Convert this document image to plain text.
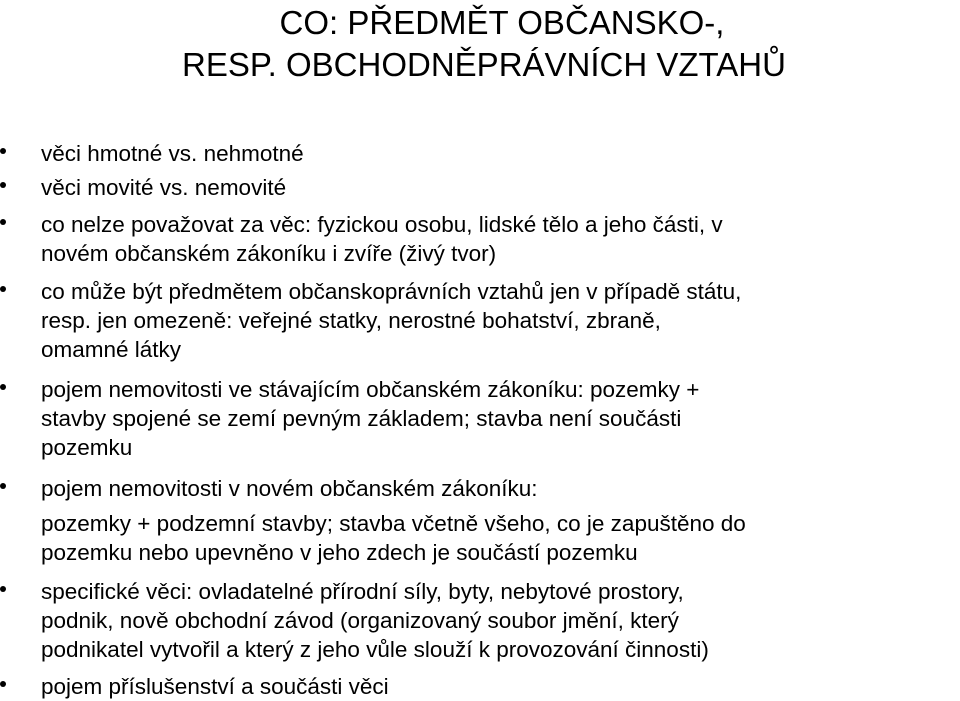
CO: PŘEDMĚT OBČANSKO-,
RESP. OBCHODNĚPRÁVNÍCH VZTAHŮ
věci hmotné vs. nehmotné
věci movité vs. nemovité
co nelze považovat za věc: fyzickou osobu, lidské tělo a jeho části, v
novém občanském zákoníku i zvíře (živý tvor)
co může být předmětem občanskoprávních vztahů jen v případě státu,
resp. jen omezeně: veřejné statky, nerostné bohatství, zbraně,
omamné látky
pojem nemovitosti ve stávajícím občanském zákoníku: pozemky +
stavby spojené se zemí pevným základem; stavba není součásti
pozemku
pojem nemovitosti v novém občanském zákoníku:
pozemky + podzemní stavby; stavba včetně všeho, co je zapuštěno do
pozemku nebo upevněno v jeho zdech je součástí pozemku
specifické věci: ovladatelné přírodní síly, byty, nebytové prostory,
podnik, nově obchodní závod (organizovaný soubor jmění, který
podnikatel vytvořil a který z jeho vůle slouží k provozování činnosti)
pojem příslušenství a součásti věci
